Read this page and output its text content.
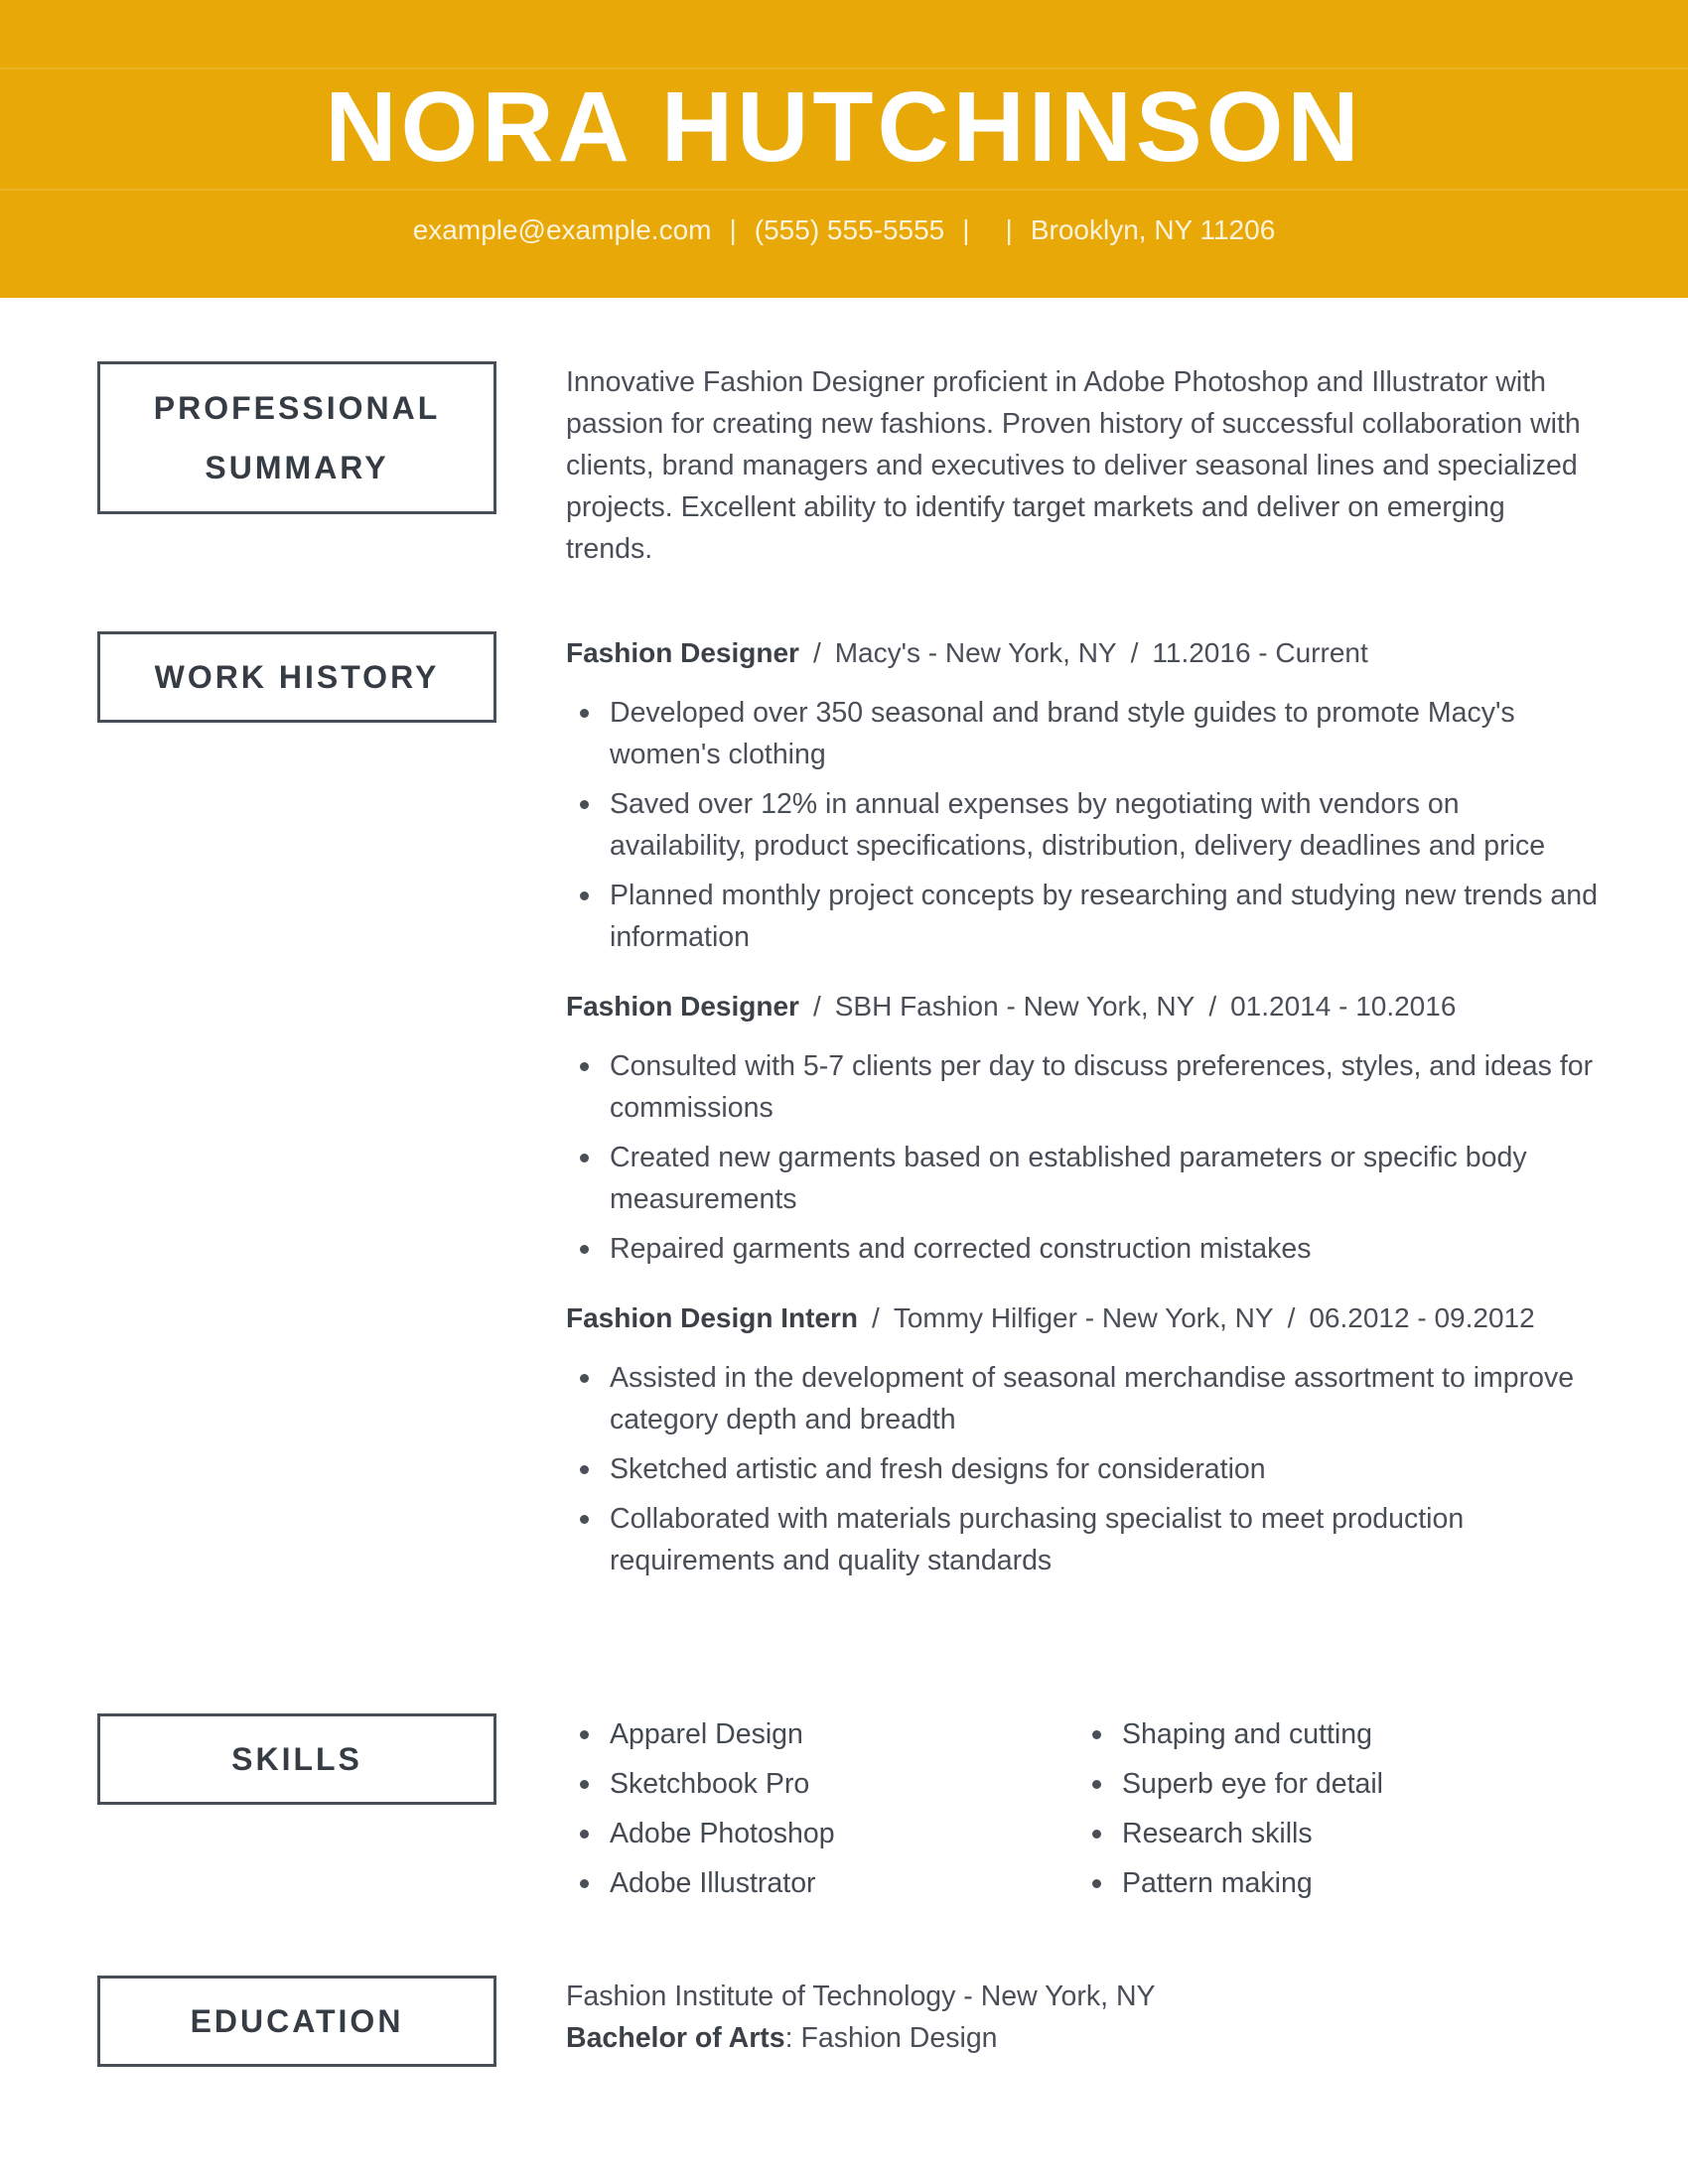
NORA HUTCHINSON
example@example.com | (555) 555-5555 | | Brooklyn, NY 11206
PROFESSIONAL
SUMMARY
Innovative Fashion Designer proficient in Adobe Photoshop and Illustrator with passion for creating new fashions. Proven history of successful collaboration with clients, brand managers and executives to deliver seasonal lines and specialized projects. Excellent ability to identify target markets and deliver on emerging trends.
WORK HISTORY
Fashion Designer / Macy's - New York, NY / 11.2016 - Current
Developed over 350 seasonal and brand style guides to promote Macy's women's clothing
Saved over 12% in annual expenses by negotiating with vendors on availability, product specifications, distribution, delivery deadlines and price
Planned monthly project concepts by researching and studying new trends and information
Fashion Designer / SBH Fashion - New York, NY / 01.2014 - 10.2016
Consulted with 5-7 clients per day to discuss preferences, styles, and ideas for commissions
Created new garments based on established parameters or specific body measurements
Repaired garments and corrected construction mistakes
Fashion Design Intern / Tommy Hilfiger - New York, NY / 06.2012 - 09.2012
Assisted in the development of seasonal merchandise assortment to improve category depth and breadth
Sketched artistic and fresh designs for consideration
Collaborated with materials purchasing specialist to meet production requirements and quality standards
SKILLS
Apparel Design
Sketchbook Pro
Adobe Photoshop
Adobe Illustrator
Shaping and cutting
Superb eye for detail
Research skills
Pattern making
EDUCATION
Fashion Institute of Technology - New York, NY
Bachelor of Arts: Fashion Design
